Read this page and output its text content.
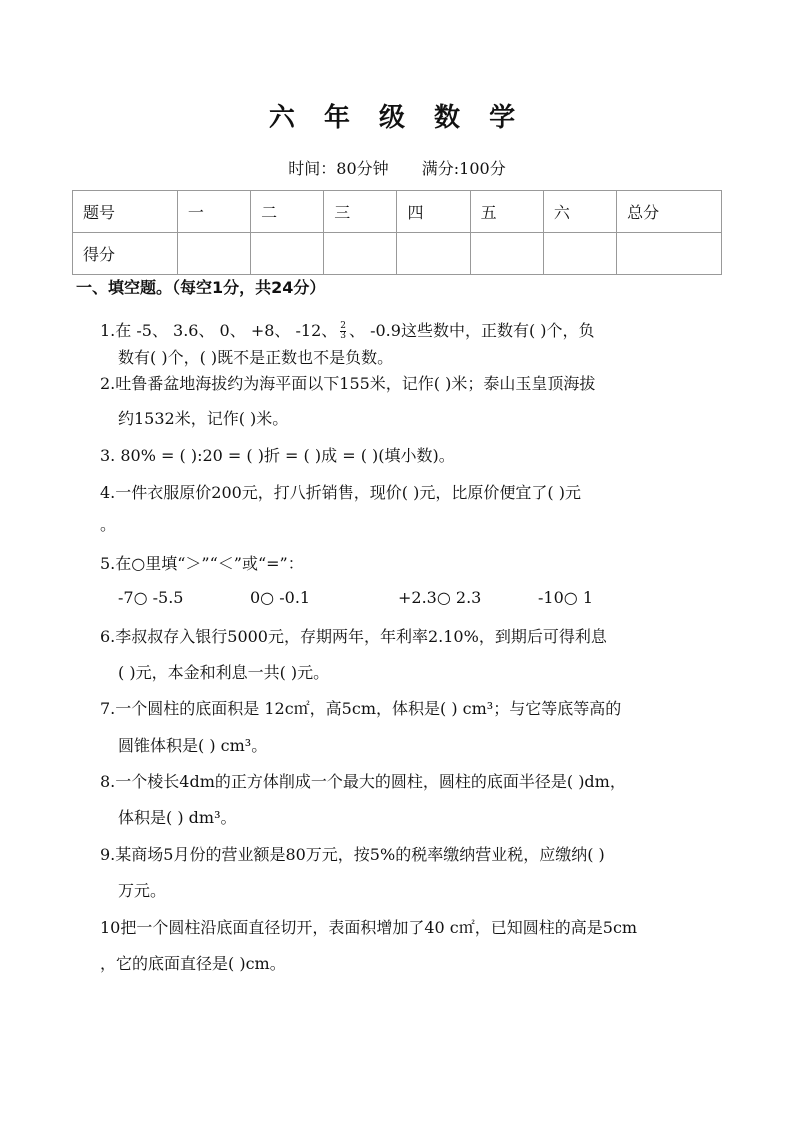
六 年 级 数 学
时间：80分钟 满分:100分
题号	一	二	三	四	五	六	总分
得分							
一、填空题。（每空1分，共24分）
1.在 -5、 3.6、 0、 +8、 -12、 $\frac{2}{3}$ 、 -0.9这些数中，正数有( )个，负
数有( )个，( )既不是正数也不是负数。
2.吐鲁番盆地海拔约为海平面以下155米，记作( )米；泰山玉皇顶海拔
约1532米，记作( )米。
3. 80% = ( ):20 = ( )折 = ( )成 = ( )(填小数)。
4.一件衣服原价200元，打八折销售，现价( )元，比原价便宜了( )元
。
5.在○里填“＞”“＜”或“=”：
-7○ -5.5	0○ -0.1	+2.3○ 2.3	-10○ 1
6.李叔叔存入银行5000元，存期两年，年利率2.10%，到期后可得利息
( )元，本金和利息一共( )元。
7.一个圆柱的底面积是 12c㎡，高5cm，体积是( ) cm³；与它等底等高的
圆锥体积是( ) cm³。
8.一个棱长4dm的正方体削成一个最大的圆柱，圆柱的底面半径是( )dm，
体积是( ) dm³。
9.某商场5月份的营业额是80万元，按5%的税率缴纳营业税，应缴纳( )
万元。
10把一个圆柱沿底面直径切开，表面积增加了40 c㎡，已知圆柱的高是5cm
，它的底面直径是( )cm。
